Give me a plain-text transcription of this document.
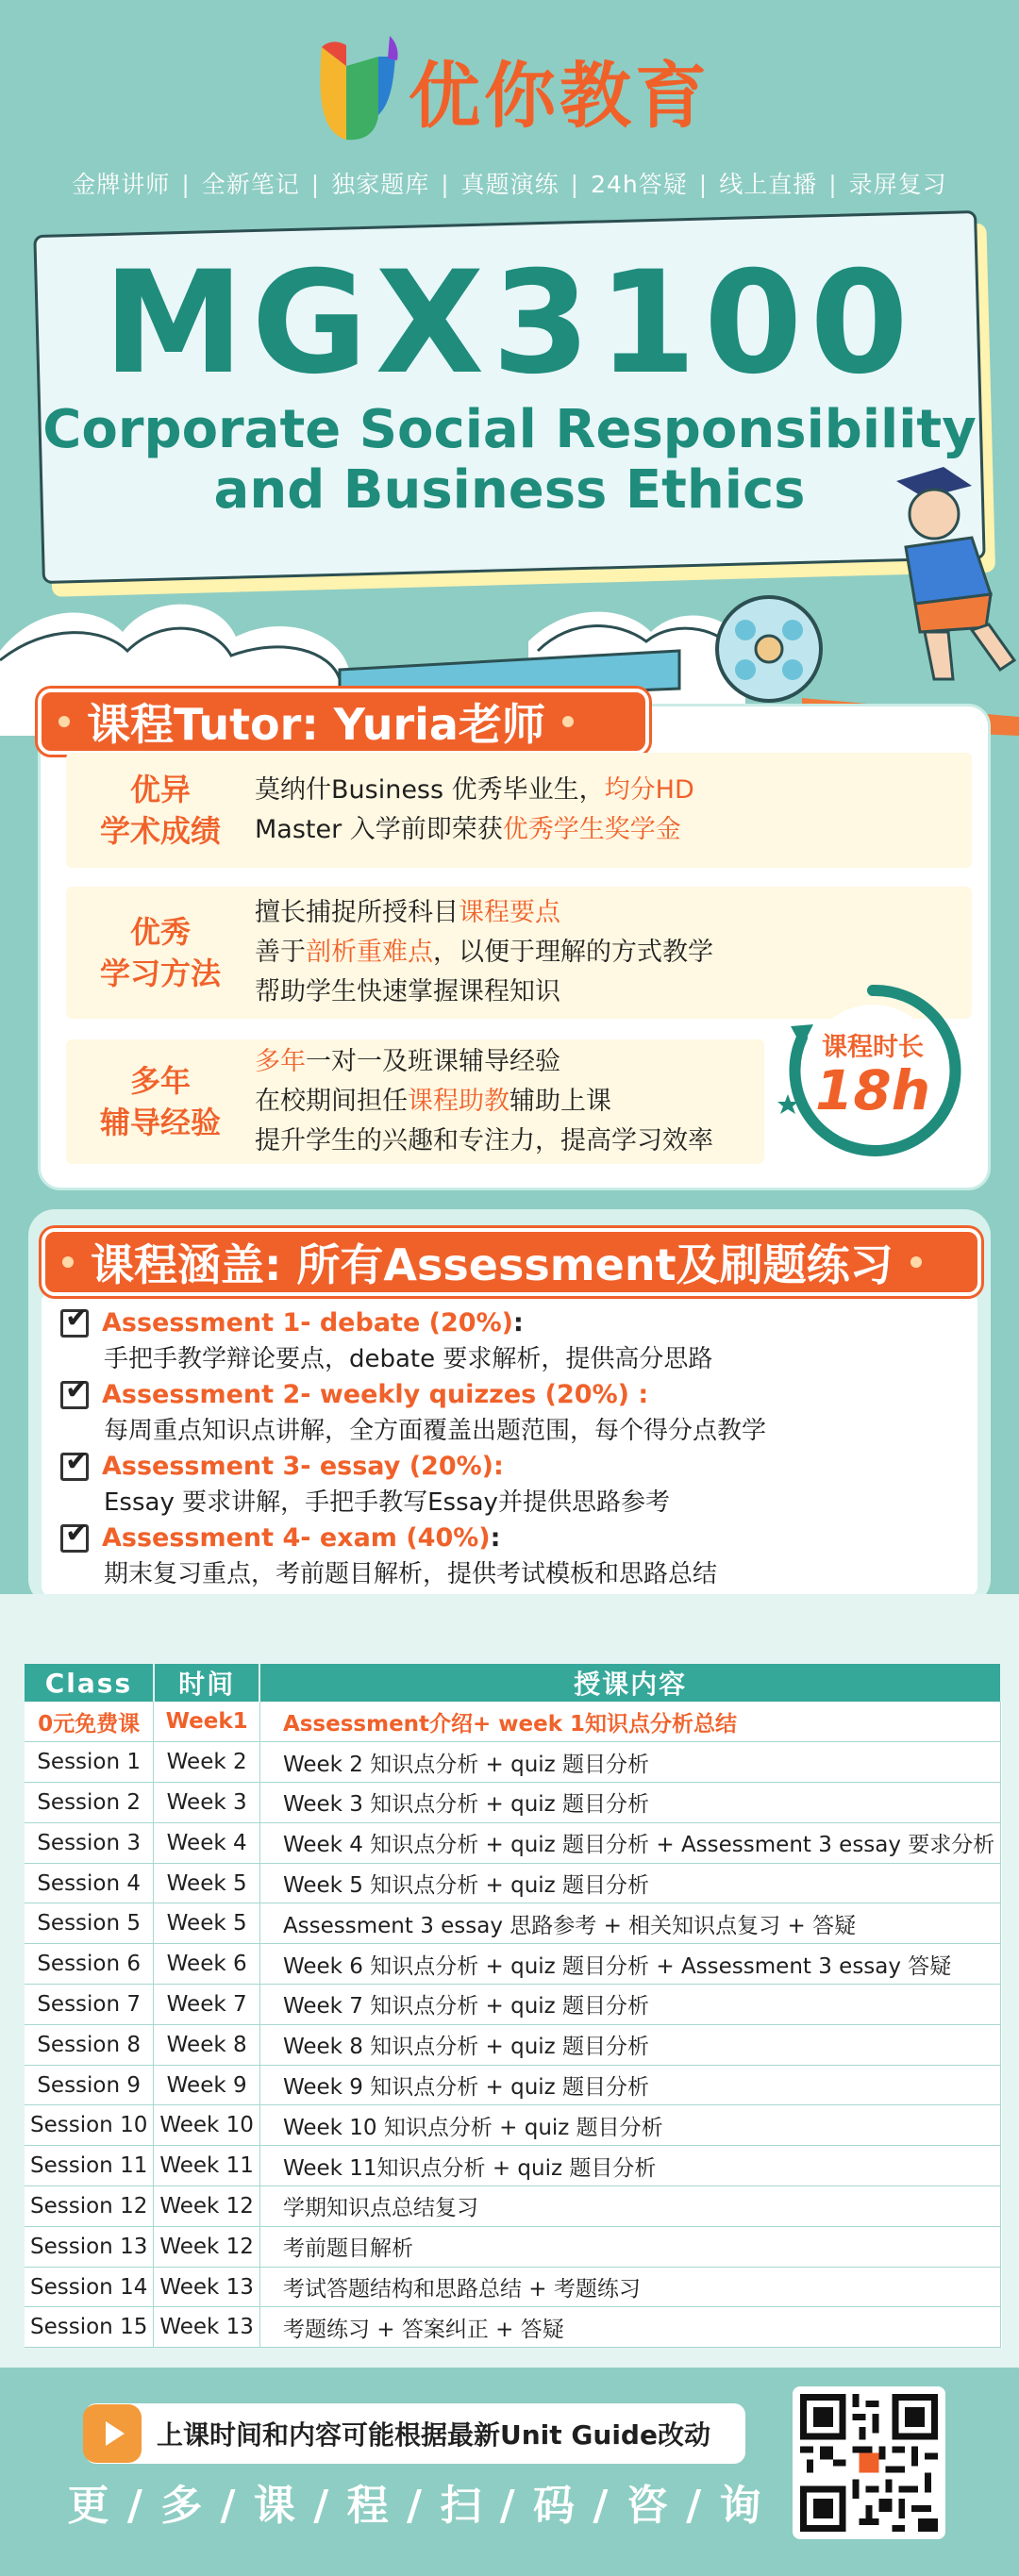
优你教育
金牌讲师 | 全新笔记 | 独家题库 | 真题演练 | 24h答疑 | 线上直播 | 录屏复习
MGX3100
Corporate Social Responsibility
and Business Ethics
课程Tutor: Yuria老师
优异
学术成绩
莫纳什Business 优秀毕业生，均分HD
Master 入学前即荣获优秀学生奖学金
优秀
学习方法
擅长捕捉所授科目课程要点
善于剖析重难点，以便于理解的方式教学
帮助学生快速掌握课程知识
多年
辅导经验
多年一对一及班课辅导经验
在校期间担任课程助教辅助上课
提升学生的兴趣和专注力，提高学习效率
课程时长
18h
课程涵盖: 所有Assessment及刷题练习
✔
Assessment 1- debate (20%):
手把手教学辩论要点，debate 要求解析，提供高分思路
✔
Assessment 2- weekly quizzes (20%) :
每周重点知识点讲解，全方面覆盖出题范围，每个得分点教学
✔
Assessment 3- essay (20%):
Essay 要求讲解，手把手教写Essay并提供思路参考
✔
Assessment 4- exam (40%):
期末复习重点，考前题目解析，提供考试模板和思路总结
Class	时间	授课内容
0元免费课	Week1	Assessment介绍+ week 1知识点分析总结
Session 1	Week 2	Week 2 知识点分析 + quiz 题目分析
Session 2	Week 3	Week 3 知识点分析 + quiz 题目分析
Session 3	Week 4	Week 4 知识点分析 + quiz 题目分析 + Assessment 3 essay 要求分析
Session 4	Week 5	Week 5 知识点分析 + quiz 题目分析
Session 5	Week 5	Assessment 3 essay 思路参考 + 相关知识点复习 + 答疑
Session 6	Week 6	Week 6 知识点分析 + quiz 题目分析 + Assessment 3 essay 答疑
Session 7	Week 7	Week 7 知识点分析 + quiz 题目分析
Session 8	Week 8	Week 8 知识点分析 + quiz 题目分析
Session 9	Week 9	Week 9 知识点分析 + quiz 题目分析
Session 10	Week 10	Week 10 知识点分析 + quiz 题目分析
Session 11	Week 11	Week 11知识点分析 + quiz 题目分析
Session 12	Week 12	学期知识点总结复习
Session 13	Week 12	考前题目解析
Session 14	Week 13	考试答题结构和思路总结 + 考题练习
Session 15	Week 13	考题练习 + 答案纠正 + 答疑
上课时间和内容可能根据最新Unit Guide改动
更 / 多 / 课 / 程 / 扫 / 码 / 咨 / 询
